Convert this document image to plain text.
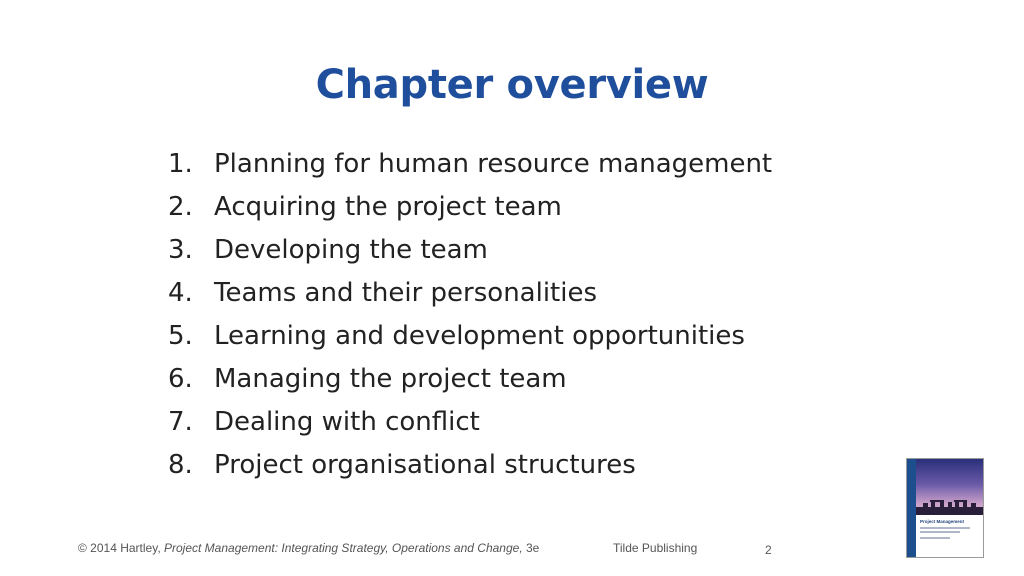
Chapter overview
1. Planning for human resource management
2. Acquiring the project team
3. Developing the team
4. Teams and their personalities
5. Learning and development opportunities
6. Managing the project team
7. Dealing with conflict
8. Project organisational structures
© 2014 Hartley, Project Management: Integrating Strategy, Operations and Change, 3e	Tilde Publishing	2
Project Management
